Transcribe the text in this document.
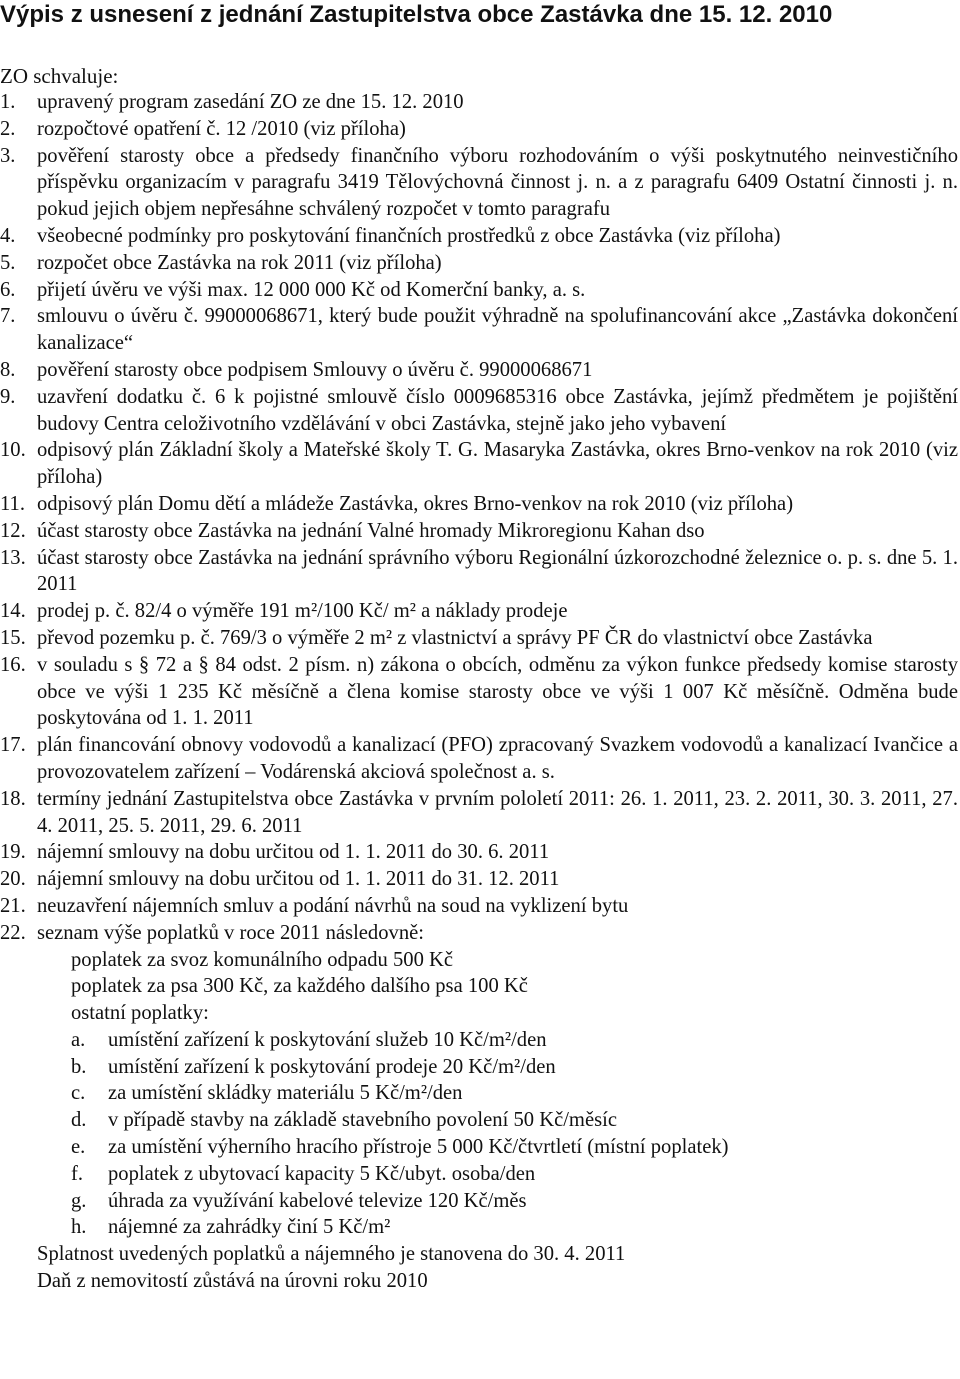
Výpis z usnesení z jednání Zastupitelstva obce Zastávka dne 15. 12. 2010
ZO schvaluje:
1. upravený program zasedání ZO ze dne 15. 12. 2010
2. rozpočtové opatření č. 12 /2010 (viz příloha)
3. pověření starosty obce a předsedy finančního výboru rozhodováním o výši poskytnutého neinvestičního příspěvku organizacím v paragrafu 3419 Tělovýchovná činnost j. n. a z paragrafu 6409 Ostatní činnosti j. n. pokud jejich objem nepřesáhne schválený rozpočet v tomto paragrafu
4. všeobecné podmínky pro poskytování finančních prostředků z obce Zastávka (viz příloha)
5. rozpočet obce Zastávka na rok 2011 (viz příloha)
6. přijetí úvěru ve výši max. 12 000 000 Kč od Komerční banky, a. s.
7. smlouvu o úvěru č. 99000068671, který bude použit výhradně na spolufinancování akce „Zastávka dokončení kanalizace“
8. pověření starosty obce podpisem Smlouvy o úvěru č. 99000068671
9. uzavření dodatku č. 6 k pojistné smlouvě číslo 0009685316 obce Zastávka, jejímž předmětem je pojištění budovy Centra celoživotního vzdělávání v obci Zastávka, stejně jako jeho vybavení
10. odpisový plán Základní školy a Mateřské školy T. G. Masaryka Zastávka, okres Brno-venkov na rok 2010 (viz příloha)
11. odpisový plán Domu dětí a mládeže Zastávka, okres Brno-venkov na rok 2010 (viz příloha)
12. účast starosty obce Zastávka na jednání Valné hromady Mikroregionu Kahan dso
13. účast starosty obce Zastávka na jednání správního výboru Regionální úzkorozchodné železnice o. p. s. dne 5. 1. 2011
14. prodej p. č. 82/4 o výměře 191 m²/100 Kč/ m² a náklady prodeje
15. převod pozemku p. č. 769/3 o výměře 2 m² z vlastnictví a správy PF ČR do vlastnictví obce Zastávka
16. v souladu s § 72 a § 84 odst. 2 písm. n) zákona o obcích, odměnu za výkon funkce předsedy komise starosty obce ve výši 1 235 Kč měsíčně a člena komise starosty obce ve výši 1 007 Kč měsíčně. Odměna bude poskytována od 1. 1. 2011
17. plán financování obnovy vodovodů a kanalizací (PFO) zpracovaný Svazkem vodovodů a kanalizací Ivančice a provozovatelem zařízení – Vodárenská akciová společnost a. s.
18. termíny jednání Zastupitelstva obce Zastávka v prvním pololetí 2011: 26. 1. 2011, 23. 2. 2011, 30. 3. 2011, 27. 4. 2011, 25. 5. 2011, 29. 6. 2011
19. nájemní smlouvy na dobu určitou od 1. 1. 2011 do 30. 6. 2011
20. nájemní smlouvy na dobu určitou od 1. 1. 2011 do 31. 12. 2011
21. neuzavření nájemních smluv a podání návrhů na soud na vyklizení bytu
22. seznam výše poplatků v roce 2011 následovně:
poplatek za svoz komunálního odpadu 500 Kč
poplatek za psa 300 Kč, za každého dalšího psa 100 Kč
ostatní poplatky:
a. umístění zařízení k poskytování služeb 10 Kč/m²/den
b. umístění zařízení k poskytování prodeje 20 Kč/m²/den
c. za umístění skládky materiálu 5 Kč/m²/den
d. v případě stavby na základě stavebního povolení 50 Kč/měsíc
e. za umístění výherního hracího přístroje 5 000 Kč/čtvrtletí (místní poplatek)
f. poplatek z ubytovací kapacity 5 Kč/ubyt. osoba/den
g. úhrada za využívání kabelové televize 120 Kč/měs
h. nájemné za zahrádky činí 5 Kč/m²
Splatnost uvedených poplatků a nájemného je stanovena do 30. 4. 2011
Daň z nemovitostí zůstává na úrovni roku 2010
